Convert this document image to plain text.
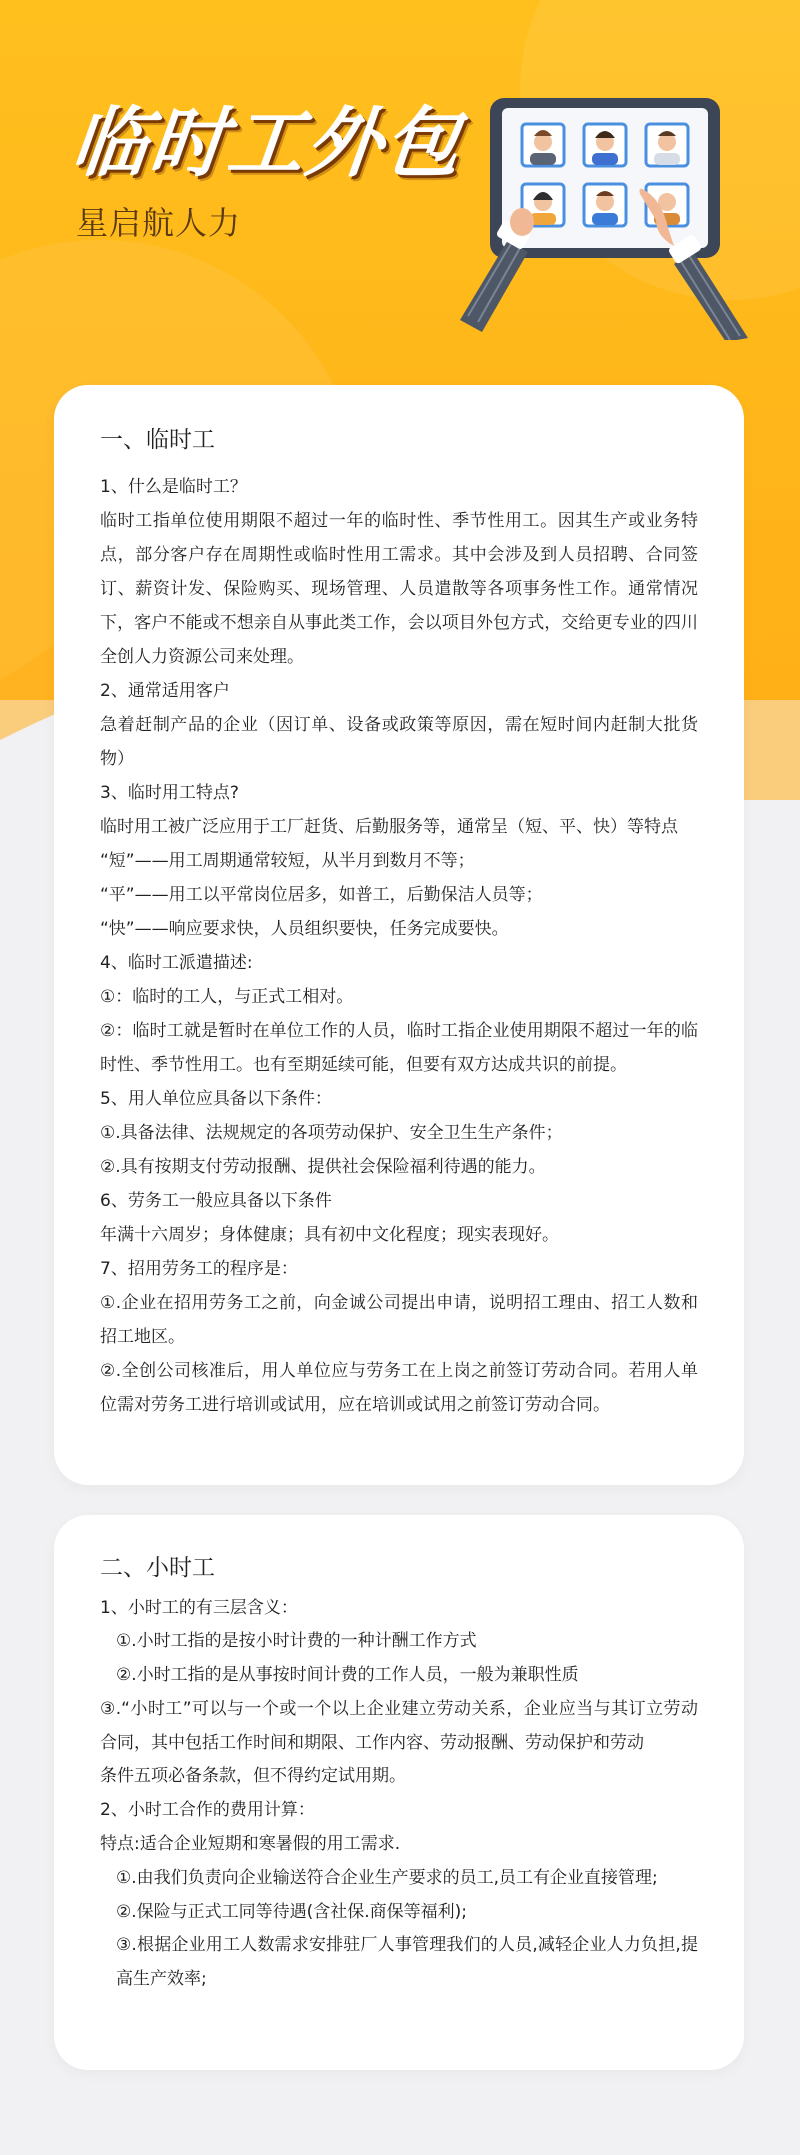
临时工外包
星启航人力
一、临时工

1、什么是临时工？

临时工指单位使用期限不超过一年的临时性、季节性用工。因其生产或业务特点，部分客户存在周期性或临时性用工需求。其中会涉及到人员招聘、合同签订、薪资计发、保险购买、现场管理、人员遣散等各项事务性工作。通常情况下，客户不能或不想亲自从事此类工作，会以项目外包方式，交给更专业的四川全创人力资源公司来处理。

2、通常适用客户

急着赶制产品的企业（因订单、设备或政策等原因，需在短时间内赶制大批货物）

3、临时用工特点?

临时用工被广泛应用于工厂赶货、后勤服务等，通常呈（短、平、快）等特点

“短”——用工周期通常较短，从半月到数月不等；

“平”——用工以平常岗位居多，如普工，后勤保洁人员等；

“快”——响应要求快，人员组织要快，任务完成要快。

4、临时工派遣描述:

①：临时的工人，与正式工相对。

②：临时工就是暂时在单位工作的人员，临时工指企业使用期限不超过一年的临时性、季节性用工。也有至期延续可能，但要有双方达成共识的前提。

5、用人单位应具备以下条件：

①.具备法律、法规规定的各项劳动保护、安全卫生生产条件；

②.具有按期支付劳动报酬、提供社会保险福利待遇的能力。

6、劳务工一般应具备以下条件

年满十六周岁；身体健康；具有初中文化程度；现实表现好。

7、招用劳务工的程序是：

①.企业在招用劳务工之前，向金诚公司提出申请，说明招工理由、招工人数和招工地区。

②.全创公司核准后，用人单位应与劳务工在上岗之前签订劳动合同。若用人单位需对劳务工进行培训或试用，应在培训或试用之前签订劳动合同。

二、小时工

1、小时工的有三层含义：

①.小时工指的是按小时计费的一种计酬工作方式

②.小时工指的是从事按时间计费的工作人员，一般为兼职性质

③.“小时工”可以与一个或一个以上企业建立劳动关系，企业应当与其订立劳动合同，其中包括工作时间和期限、工作内容、劳动报酬、劳动保护和劳动

条件五项必备条款，但不得约定试用期。

2、小时工合作的费用计算：

特点:适合企业短期和寒暑假的用工需求.

①.由我们负责向企业输送符合企业生产要求的员工,员工有企业直接管理;

②.保险与正式工同等待遇(含社保.商保等福利);

③.根据企业用工人数需求安排驻厂人事管理我们的人员,减轻企业人力负担,提高生产效率;
